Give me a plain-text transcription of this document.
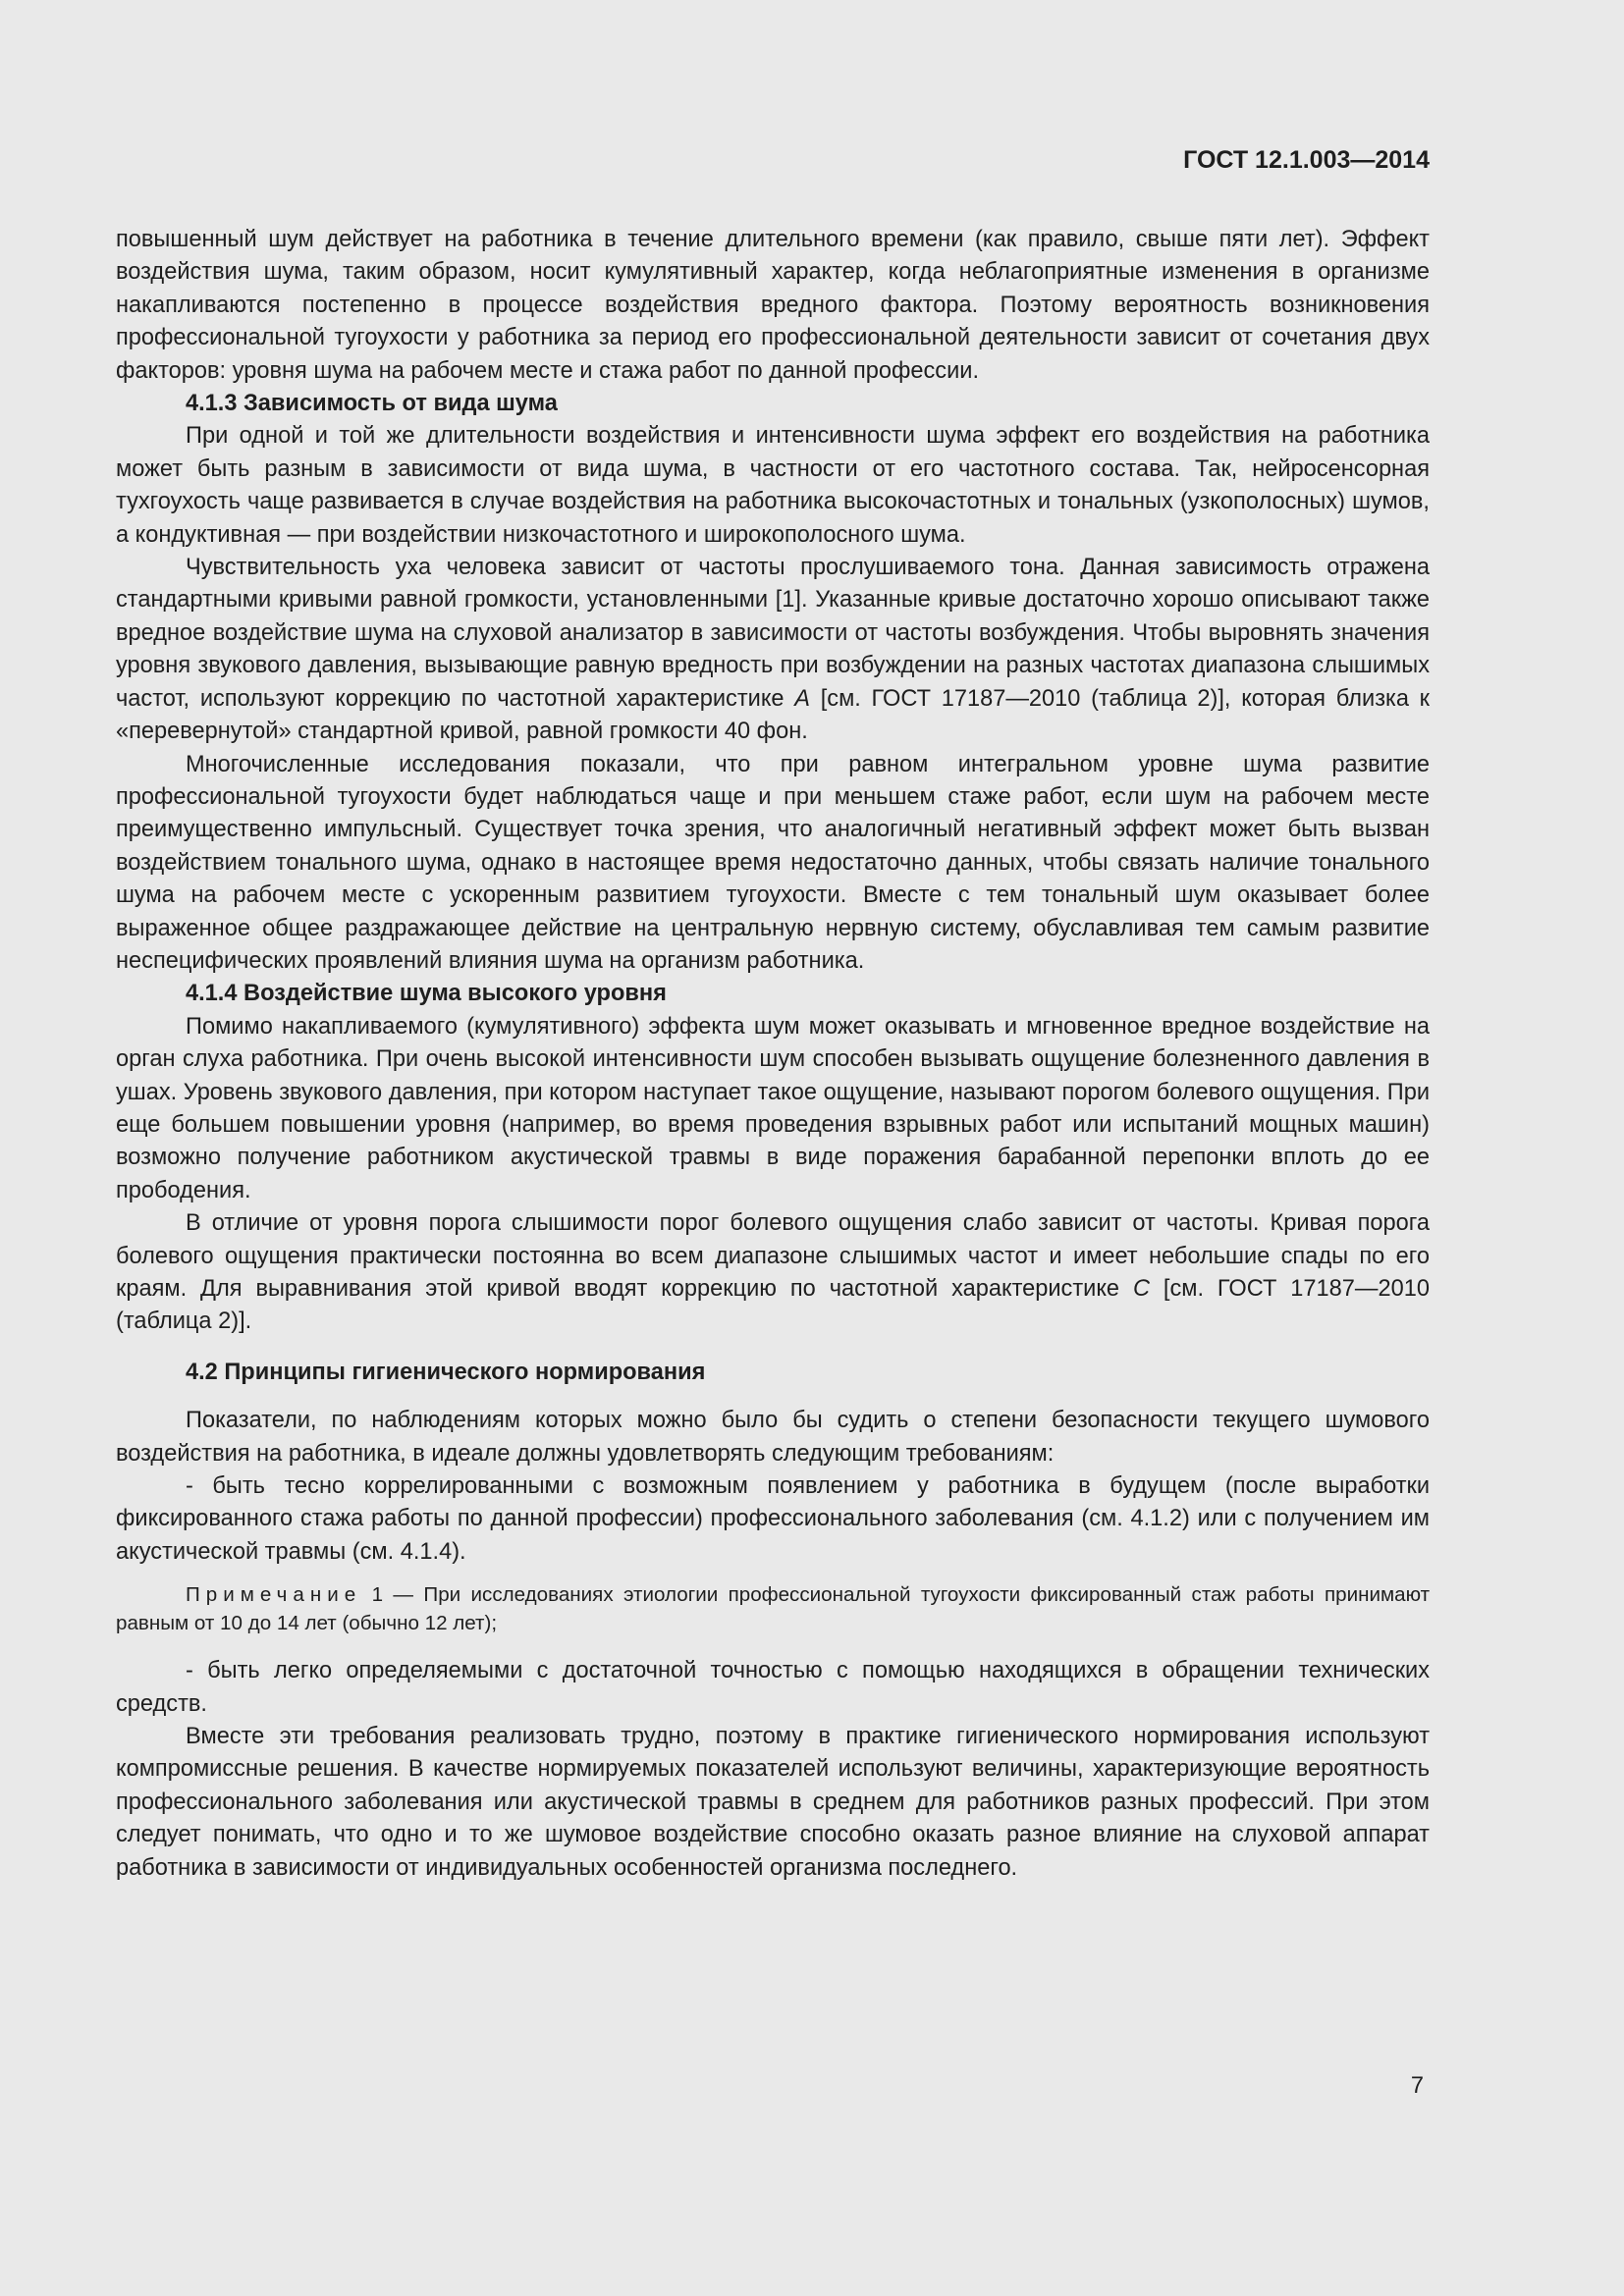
ГОСТ 12.1.003—2014

повышенный шум действует на работника в течение длительного времени (как правило, свыше пяти лет). Эффект воздействия шума, таким образом, носит кумулятивный характер, когда неблагоприятные изменения в организме накапливаются постепенно в процессе воздействия вредного фактора. Поэтому вероятность возникновения профессиональной тугоухости у работника за период его профессиональной деятельности зависит от сочетания двух факторов: уровня шума на рабочем месте и стажа работ по данной профессии.

4.1.3 Зависимость от вида шума

При одной и той же длительности воздействия и интенсивности шума эффект его воздействия на работника может быть разным в зависимости от вида шума, в частности от его частотного состава. Так, нейросенсорная тухгоухость чаще развивается в случае воздействия на работника высокочастотных и тональных (узкополосных) шумов, а кондуктивная — при воздействии низкочастотного и широкополосного шума.

Чувствительность уха человека зависит от частоты прослушиваемого тона. Данная зависимость отражена стандартными кривыми равной громкости, установленными [1]. Указанные кривые достаточно хорошо описывают также вредное воздействие шума на слуховой анализатор в зависимости от частоты возбуждения. Чтобы выровнять значения уровня звукового давления, вызывающие равную вредность при возбуждении на разных частотах диапазона слышимых частот, используют коррекцию по частотной характеристике A [см. ГОСТ 17187—2010 (таблица 2)], которая близка к «перевернутой» стандартной кривой, равной громкости 40 фон.

Многочисленные исследования показали, что при равном интегральном уровне шума развитие профессиональной тугоухости будет наблюдаться чаще и при меньшем стаже работ, если шум на рабочем месте преимущественно импульсный. Существует точка зрения, что аналогичный негативный эффект может быть вызван воздействием тонального шума, однако в настоящее время недостаточно данных, чтобы связать наличие тонального шума на рабочем месте с ускоренным развитием тугоухости. Вместе с тем тональный шум оказывает более выраженное общее раздражающее действие на центральную нервную систему, обуславливая тем самым развитие неспецифических проявлений влияния шума на организм работника.

4.1.4 Воздействие шума высокого уровня

Помимо накапливаемого (кумулятивного) эффекта шум может оказывать и мгновенное вредное воздействие на орган слуха работника. При очень высокой интенсивности шум способен вызывать ощущение болезненного давления в ушах. Уровень звукового давления, при котором наступает такое ощущение, называют порогом болевого ощущения. При еще большем повышении уровня (например, во время проведения взрывных работ или испытаний мощных машин) возможно получение работником акустической травмы в виде поражения барабанной перепонки вплоть до ее прободения.

В отличие от уровня порога слышимости порог болевого ощущения слабо зависит от частоты. Кривая порога болевого ощущения практически постоянна во всем диапазоне слышимых частот и имеет небольшие спады по его краям. Для выравнивания этой кривой вводят коррекцию по частотной характеристике C [см. ГОСТ 17187—2010 (таблица 2)].

4.2 Принципы гигиенического нормирования

Показатели, по наблюдениям которых можно было бы судить о степени безопасности текущего шумового воздействия на работника, в идеале должны удовлетворять следующим требованиям:

- быть тесно коррелированными с возможным появлением у работника в будущем (после выработки фиксированного стажа работы по данной профессии) профессионального заболевания (см. 4.1.2) или с получением им акустической травмы (см. 4.1.4).

Примечание 1 — При исследованиях этиологии профессиональной тугоухости фиксированный стаж работы принимают равным от 10 до 14 лет (обычно 12 лет);

- быть легко определяемыми с достаточной точностью с помощью находящихся в обращении технических средств.

Вместе эти требования реализовать трудно, поэтому в практике гигиенического нормирования используют компромиссные решения. В качестве нормируемых показателей используют величины, характеризующие вероятность профессионального заболевания или акустической травмы в среднем для работников разных профессий. При этом следует понимать, что одно и то же шумовое воздействие способно оказать разное влияние на слуховой аппарат работника в зависимости от индивидуальных особенностей организма последнего.

7
